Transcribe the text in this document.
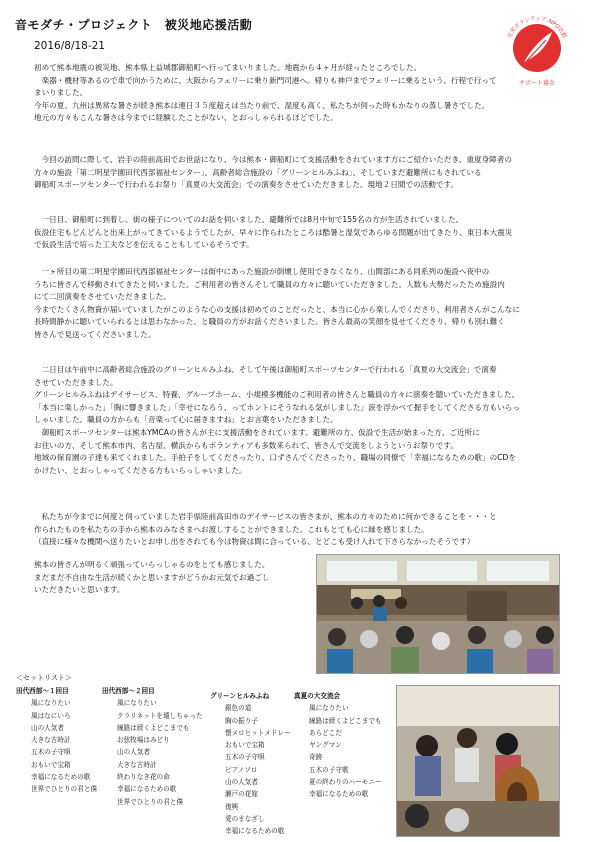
音モダチ・プロジェクト　被災地応援活動
2016/8/18-21
災害ボランティア-NPO活動
サポート募金
初めて熊本地震の被災地、熊本県上益城郡御船町へ行ってまいりました。地震から４ヶ月が経ったところでした。
　楽器・機材等あるので車で向かうために、大阪からフェリーに乗り新門司港へ。帰りも神戸までフェリーに乗るという、行程で行って
まいりました。
今年の夏、九州は異常な暑さが続き熊本は連日３５度超えは当たり前で、湿度も高く、私たちが伺った時もかなりの蒸し暑さでした。
地元の方々もこんな暑さは今までに経験したことがない、とおっしゃられるほどでした。
　今回の訪問に際して、岩手の陸前高田でお世話になり、今は熊本・御船町にて支援活動をされています方にご紹介いただき、重度身障者の
方々の施設「第二明星学園田代西部福祉センター」、高齢者総合施設の「グリーンヒルみふね」、そしていまだ避難所にもされている
御船町スポーツセンターで行われるお祭り「真夏の大交流会」での演奏をさせていただきました。現地２日間での活動です。
　一日目、御船町に到着し、街の様子についてのお話を伺いました。避難所では8月中旬で155名の方が生活されていました。
仮設住宅もどんどんと出来上がってきているようでしたが、早々に作られたところは酷暑と湿気であらゆる問題が出てきたり、東日本大震災
で仮設生活で培った工夫などを伝えることもしているそうです。
　一ヶ所目の第二明星学園田代西部福祉センターは街中にあった施設が倒壊し使用できなくなり、山間部にある同系列の施設へ夜中の
うちに皆さんで移動されてきたと伺いました。ご利用者の皆さんそして職員の方々に聴いていただきました。人数も大勢だったため施設内
にて二回演奏をさせていただきました。
今までたくさん物資が届いていましたがこのような心の支援は初めてのことだったと、本当に心から楽しんでくださり、利用者さんがこんなに
長時間静かに聴いていられるとは思わなかった、と職員の方がお話くださいました。皆さん最高の笑顔を見せてくださり、帰りも別れ難く
皆さんで見送ってくださいました。
　二日目は午前中に高齢者総合施設のグリーンヒルみふね、そして午後は御船町スポーツセンターで行われる「真夏の大交流会」で演奏
させていただきました。
グリーンヒルみふねはデイサービス、特養、グループホーム、小規模多機能のご利用者の皆さんと職員の方々に演奏を聴いていただきました。
「本当に楽しかった」「胸に響きました」「幸せになろう、ってホントにそうなれる気がしました」涙を浮かべて握手をしてくださる方もいらっ
しゃいました。職員の方からも「音楽って心に届きますね」とお言葉をいただきました。
　御船町スポーツセンターは熊本YMCAの皆さんが主に支援活動をされています。避難所の方、仮設で生活が始まった方、ご近所に
お住いの方、そして熊本市内、名古屋、横浜からもボランティアも多数来られて、皆さんで交流をしようというお祭りです。
地域の保育園の子達も来てくれました。手拍子をしてくださったり、口ずさんでくださったり、職場の同僚で「幸福になるための歌」のCDを
かけたい、とおっしゃってくださる方もいらっしゃいました。
　私たちが今までに何度と伺っていました岩手県陸前高田市のデイサービスの皆さまが、熊本の方々のために何かできることを・・・と
作られたものを私たちの手から熊本のみなさまへお渡しすることができました。これもとても心に縁を感じました。
（直接に様々な機関へ送りたいとお申し出をされても今は物資は間に合っている、とどこも受け入れて下さらなかったそうです）
熊本の皆さんが明るく頑張っていらっしゃるのをとても感じました。
まだまだ不自由な生活が続くかと思いますがどうかお元気でお過ごし
いただきたいと思います。
＜セットリスト＞
田代西部～１回目
風になりたい
風はなにいろ
山の人気者
大きな古時計
五木の子守唄
おもいで宝箱
幸福になるための歌
世界でひとりの君と僕
田代西部～２回目
風になりたい
クラリネットを壊しちゃった
線路は続くよどこまでも
お弦牧場はみどり
山の人気者
大きな古時計
終わりなき花の命
幸福になるための歌
世界でひとりの君と僕
グリーンヒルみふね
銀色の道
胸の振り子
懐メロヒットメドレー
おもいで宝箱
五木の子守唄
ピアノソロ
山の人気者
瀬戸の花嫁
復興
愛のまなざし
幸福になるための歌
真夏の大交流会
風になりたい
線路は続くよどこまでも
あらどこだ
ヤングマン
奇跡
五木の子守歌
夏の終わりのハーモニー
幸福になるための歌
